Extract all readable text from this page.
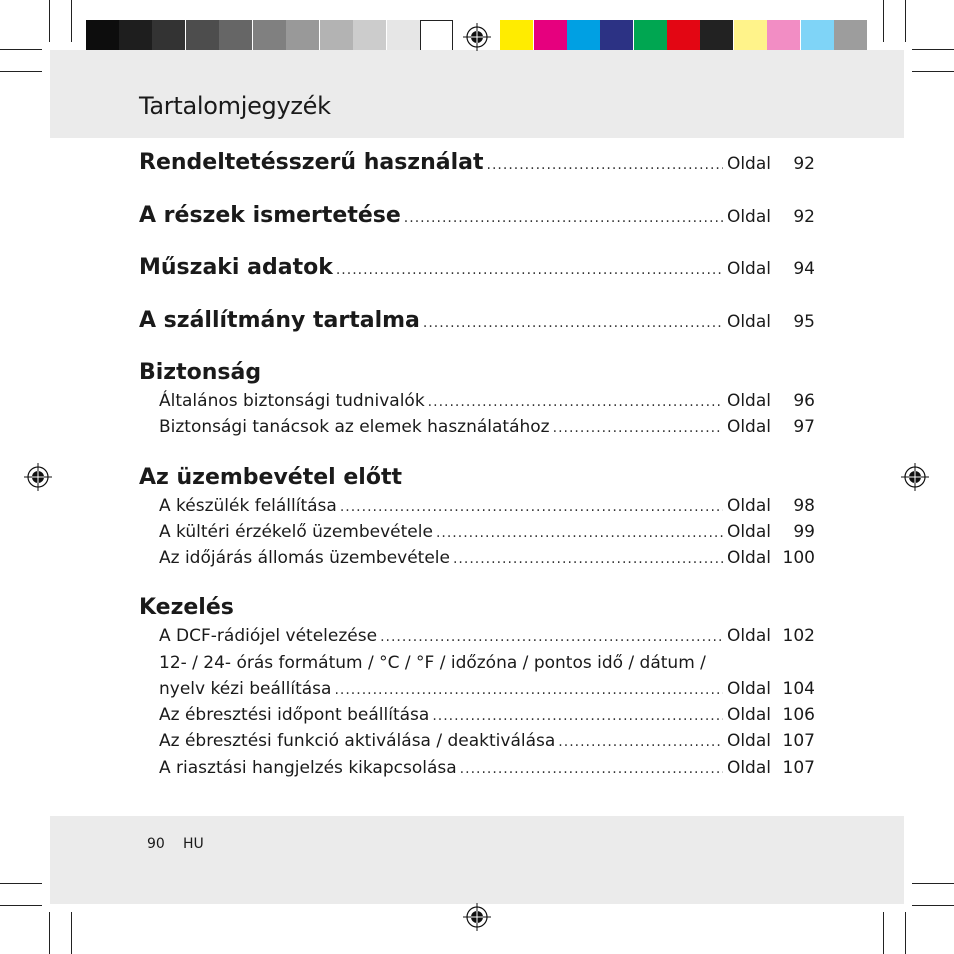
Tartalomjegyzék
Rendeltetésszerű használat .....	Oldal	92
A részek ismertetése .....	Oldal	92
Műszaki adatok .....	Oldal	94
A szállítmány tartalma .....	Oldal	95
Biztonság
Általános biztonsági tudnivalók .....	Oldal	96
Biztonsági tanácsok az elemek használatához .....	Oldal	97
Az üzembevétel előtt
A készülék felállítása .....	Oldal	98
A kültéri érzékelő üzembevétele .....	Oldal	99
Az időjárás állomás üzembevétele .....	Oldal 100
Kezelés
A DCF-rádiójel vételezése .....	Oldal 102
12- / 24- órás formátum / °C / °F / időzóna / pontos idő / dátum /
nyelv kézi beállítása .....	Oldal 104
Az ébresztési időpont beállítása .....	Oldal 106
Az ébresztési funkció aktiválása / deaktiválása .....	Oldal 107
A riasztási hangjelzés kikapcsolása .....	Oldal 107
90 HU
